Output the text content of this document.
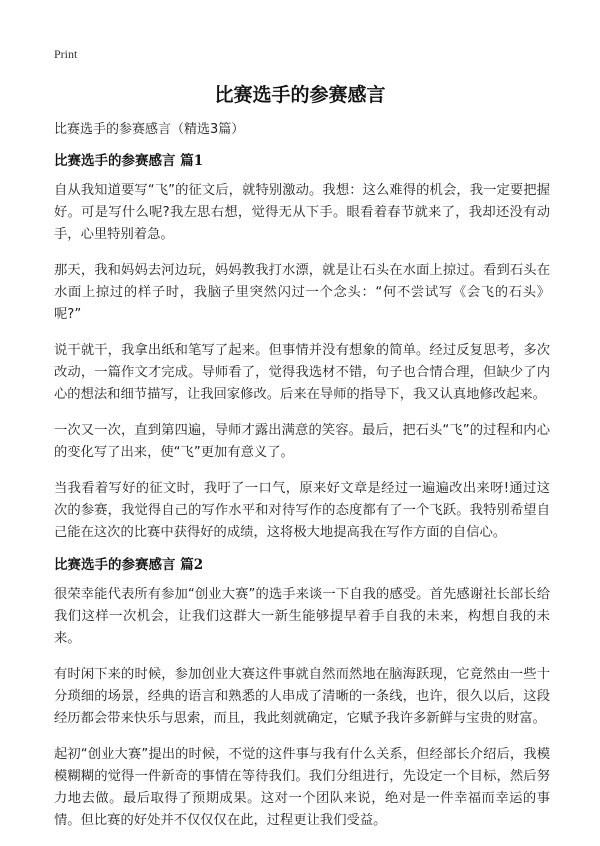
Print
比赛选手的参赛感言

比赛选手的参赛感言（精选3篇）

比赛选手的参赛感言 篇1

自从我知道要写“飞”的征文后，就特别激动。我想：这么难得的机会，我一定要把握好。可是写什么呢?我左思右想，觉得无从下手。眼看着春节就来了，我却还没有动手，心里特别着急。

那天，我和妈妈去河边玩，妈妈教我打水漂，就是让石头在水面上掠过。看到石头在水面上掠过的样子时，我脑子里突然闪过一个念头：“何不尝试写《会飞的石头》呢?”

说干就干，我拿出纸和笔写了起来。但事情并没有想象的简单。经过反复思考，多次改动，一篇作文才完成。导师看了，觉得我选材不错，句子也合情合理，但缺少了内心的想法和细节描写，让我回家修改。后来在导师的指导下，我又认真地修改起来。

一次又一次，直到第四遍，导师才露出满意的笑容。最后，把石头“飞”的过程和内心的变化写了出来，使“飞”更加有意义了。

当我看着写好的征文时，我吁了一口气，原来好文章是经过一遍遍改出来呀!通过这次的参赛，我觉得自己的写作水平和对待写作的态度都有了一个飞跃。我特别希望自己能在这次的比赛中获得好的成绩，这将极大地提高我在写作方面的自信心。

比赛选手的参赛感言 篇2

很荣幸能代表所有参加“创业大赛”的选手来谈一下自我的感受。首先感谢社长部长给我们这样一次机会，让我们这群大一新生能够提早着手自我的未来，构想自我的未来。

有时闲下来的时候，参加创业大赛这件事就自然而然地在脑海跃现，它竟然由一些十分琐细的场景，经典的语言和熟悉的人串成了清晰的一条线，也许，很久以后，这段经历都会带来快乐与思索，而且，我此刻就确定，它赋予我许多新鲜与宝贵的财富。

起初“创业大赛”提出的时候，不觉的这件事与我有什么关系，但经部长介绍后，我模模糊糊的觉得一件新奇的事情在等待我们。我们分组进行，先设定一个目标，然后努力地去做。最后取得了预期成果。这对一个团队来说，绝对是一件幸福而幸运的事情。但比赛的好处并不仅仅仅在此，过程更让我们受益。
